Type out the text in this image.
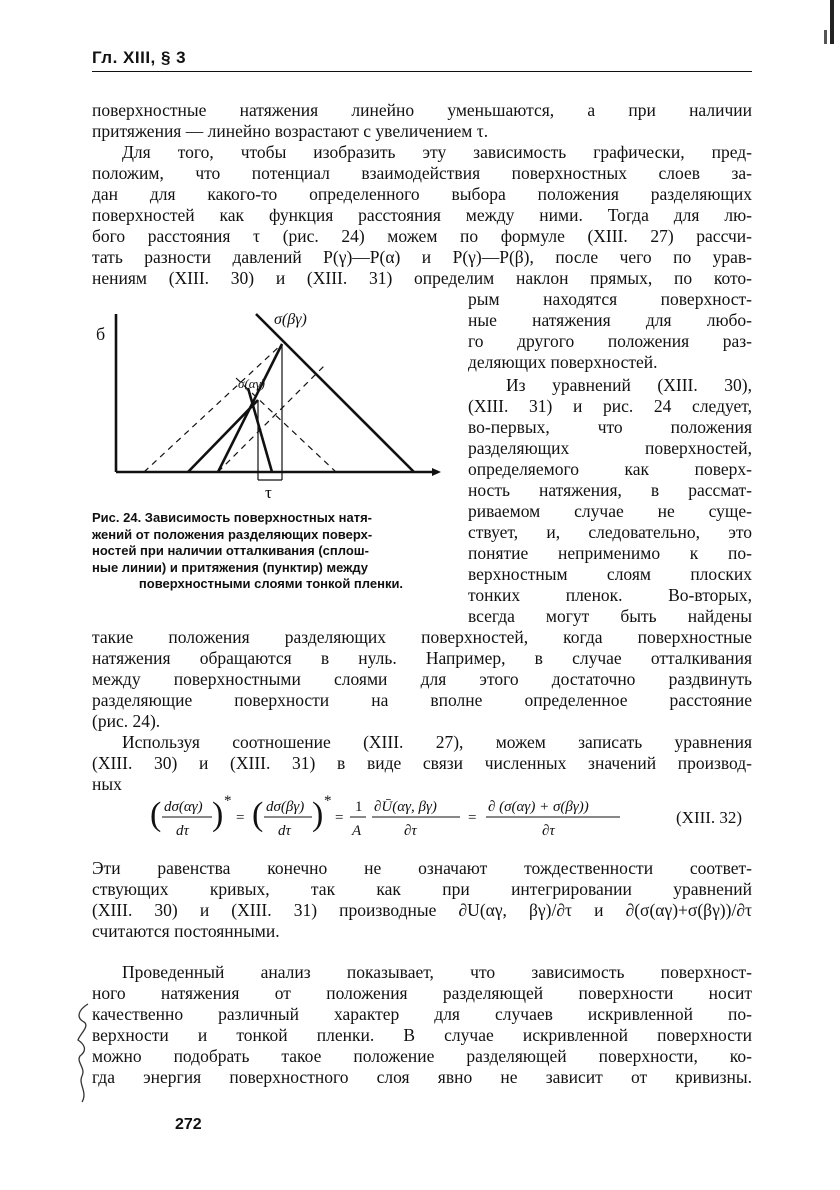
Гл. XIII, § 3
поверхностные натяжения линейно уменьшаются, а при наличии
притяжения — линейно возрастают с увеличением τ.
Для того, чтобы изобразить эту зависимость графически, пред-
положим, что потенциал взаимодействия поверхностных слоев за-
дан для какого-то определенного выбора положения разделяющих
поверхностей как функция расстояния между ними. Тогда для лю-
бого расстояния τ (рис. 24) можем по формуле (XIII. 27) рассчи-
тать разности давлений P(γ)—P(α) и P(γ)—P(β), после чего по урав-
нениям (XIII. 30) и (XIII. 31) определим наклон прямых, по кото-
рым находятся поверхност-
ные натяжения для любо-
го другого положения раз-
деляющих поверхностей.
Из уравнений (XIII. 30),
(XIII. 31) и рис. 24 следует,
во-первых, что положения
разделяющих поверхностей,
определяемого как поверх-
ность натяжения, в рассмат-
риваемом случае не суще-
ствует, и, следовательно, это
понятие неприменимо к по-
верхностным слоям плоских
тонких пленок. Во-вторых,
всегда могут быть найдены
такие положения разделяющих поверхностей, когда поверхностные
натяжения обращаются в нуль. Например, в случае отталкивания
между поверхностными слоями для этого достаточно раздвинуть
разделяющие поверхности на вполне определенное расстояние
(рис. 24).
Используя соотношение (XIII. 27), можем записать уравнения
(XIII. 30) и (XIII. 31) в виде связи численных значений производ-
ных
б
τ
σ(βγ)
σ(αγ)
Рис. 24. Зависимость поверхностных натя-
жений от положения разделяющих поверх-
ностей при наличии отталкивания (сплош-
ные линии) и притяжения (пунктир) между
поверхностными слоями тонкой пленки.
( dσ(αγ)
dτ ) *
= ( dσ(βγ)
dτ ) *
=
1
A
∂Ū(αγ, βγ)
∂τ
=
∂ (σ(αγ) + σ(βγ))
∂τ
(XIII. 32)
Эти равенства конечно не означают тождественности соответ-
ствующих кривых, так как при интегрировании уравнений
(XIII. 30) и (XIII. 31) производные ∂U(αγ, βγ)/∂τ и ∂(σ(αγ)+σ(βγ))/∂τ
считаются постоянными.
Проведенный анализ показывает, что зависимость поверхност-
ного натяжения от положения разделяющей поверхности носит
качественно различный характер для случаев искривленной по-
верхности и тонкой пленки. В случае искривленной поверхности
можно подобрать такое положение разделяющей поверхности, ко-
гда энергия поверхностного слоя явно не зависит от кривизны.
272
